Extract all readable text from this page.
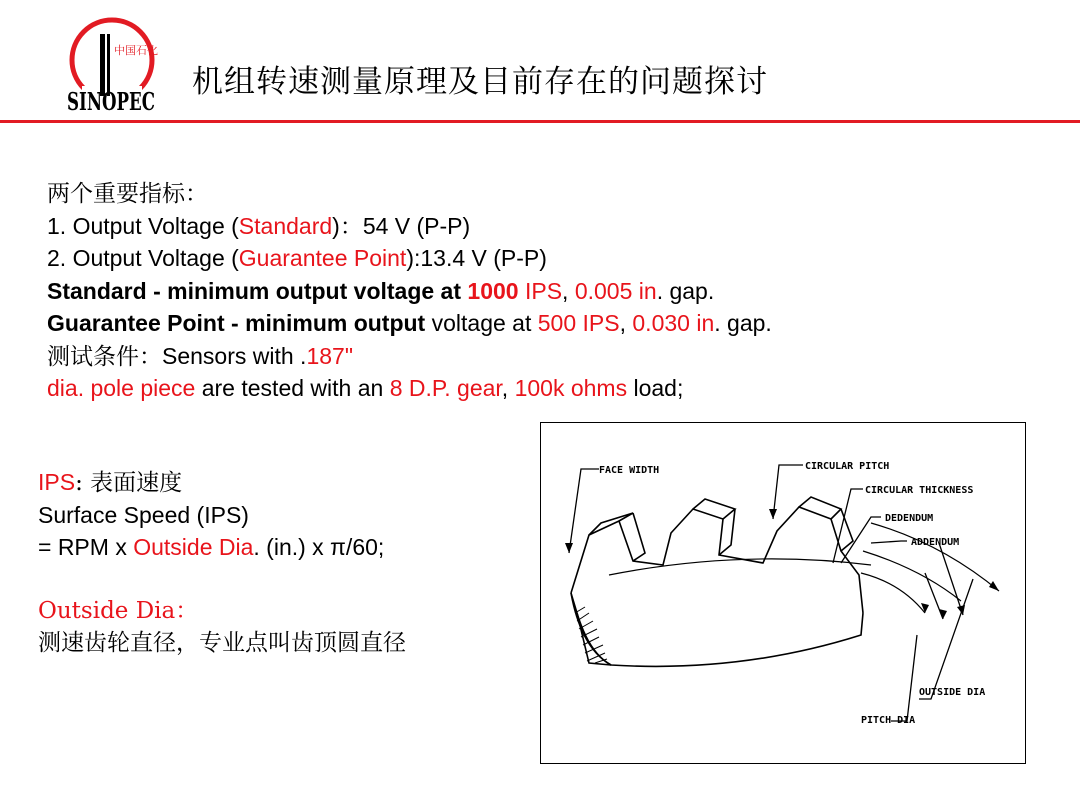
中国石化
SINOPEC
机组转速测量原理及目前存在的问题探讨
两个重要指标：
1. Output Voltage (Standard)：54 V (P-P)
2. Output Voltage (Guarantee Point):13.4 V (P-P)
Standard - minimum output voltage at 1000 IPS, 0.005 in. gap.
Guarantee Point - minimum output voltage at 500 IPS, 0.030 in. gap.
测试条件：Sensors with .187"
dia. pole piece are tested with an 8 D.P. gear, 100k ohms load;
IPS: 表面速度
Surface Speed (IPS)
= RPM x Outside Dia. (in.) x π/60;
Outside Dia：
测速齿轮直径，专业点叫齿顶圆直径
FACE WIDTH	CIRCULAR PITCH
CIRCULAR THICKNESS
DEDENDUM
ADDENDUM
OUTSIDE DIA
PITCH DIA
